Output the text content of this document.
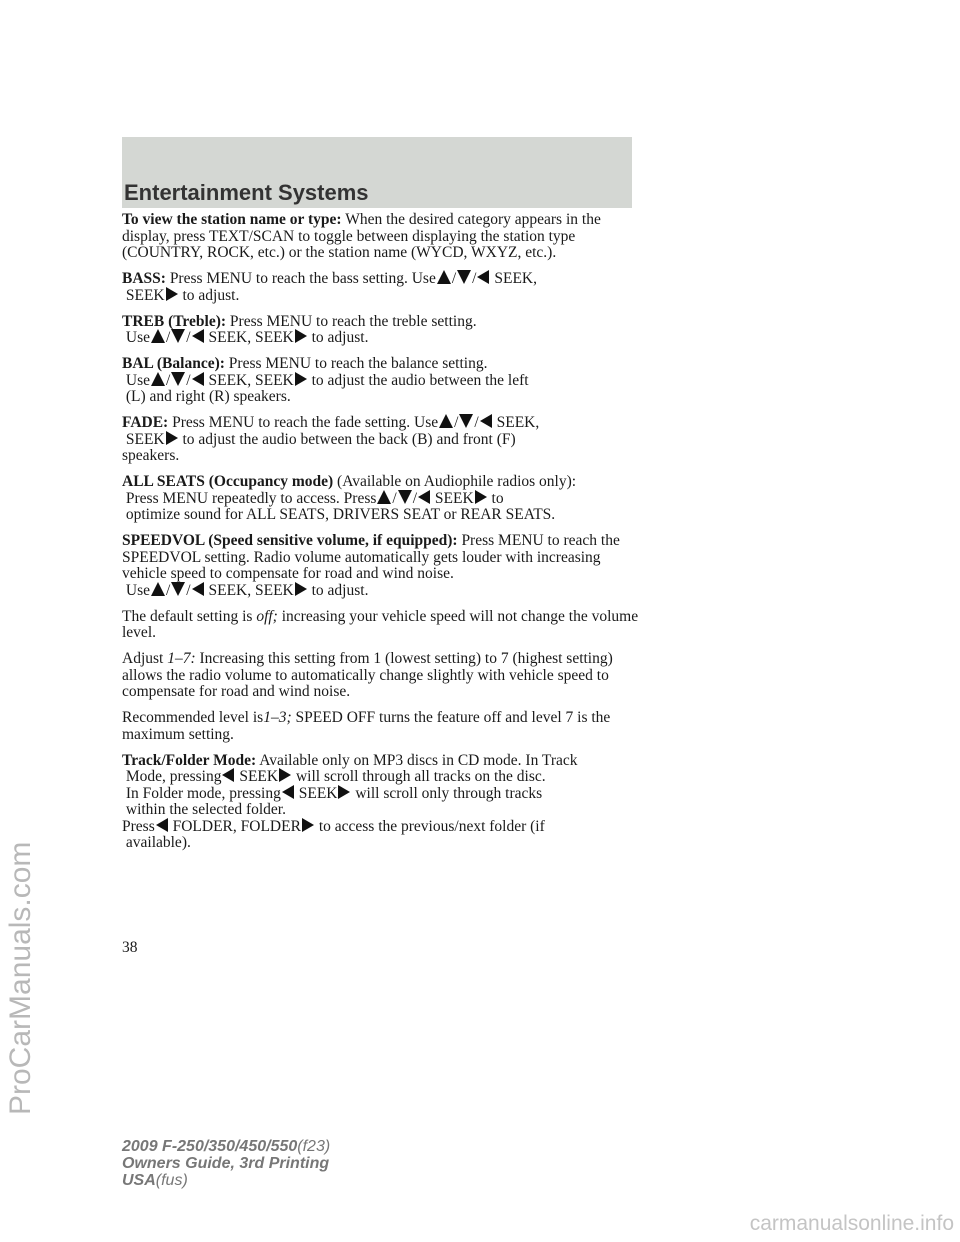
Entertainment Systems

To view the station name or type: When the desired category appears in the display, press TEXT/SCAN to toggle between displaying the station type (COUNTRY, ROCK, etc.) or the station name (WYCD, WXYZ, etc.).

BASS: Press MENU to reach the bass setting. Use / / SEEK,
SEEK to adjust.

TREB (Treble): Press MENU to reach the treble setting.
Use / / SEEK, SEEK to adjust.

BAL (Balance): Press MENU to reach the balance setting.
Use / / SEEK, SEEK to adjust the audio between the left
(L) and right (R) speakers.

FADE: Press MENU to reach the fade setting. Use / / SEEK,
SEEK to adjust the audio between the back (B) and front (F)
speakers.

ALL SEATS (Occupancy mode) (Available on Audiophile radios only):
Press MENU repeatedly to access. Press / / SEEK to
optimize sound for ALL SEATS, DRIVERS SEAT or REAR SEATS.

SPEEDVOL (Speed sensitive volume, if equipped): Press MENU to reach the SPEEDVOL setting. Radio volume automatically gets louder with increasing vehicle speed to compensate for road and wind noise.
Use / / SEEK, SEEK to adjust.

The default setting is off; increasing your vehicle speed will not change the volume level.

Adjust 1–7: Increasing this setting from 1 (lowest setting) to 7 (highest setting) allows the radio volume to automatically change slightly with vehicle speed to compensate for road and wind noise.

Recommended level is1–3; SPEED OFF turns the feature off and level 7 is the maximum setting.

Track/Folder Mode: Available only on MP3 discs in CD mode. In Track
Mode, pressing SEEK will scroll through all tracks on the disc.
In Folder mode, pressing SEEK will scroll only through tracks
within the selected folder.
Press FOLDER, FOLDER to access the previous/next folder (if
available).

38
2009 F-250/350/450/550(f23)
Owners Guide, 3rd Printing
USA(fus)
ProCarManuals.com
carmanualsonline.info
